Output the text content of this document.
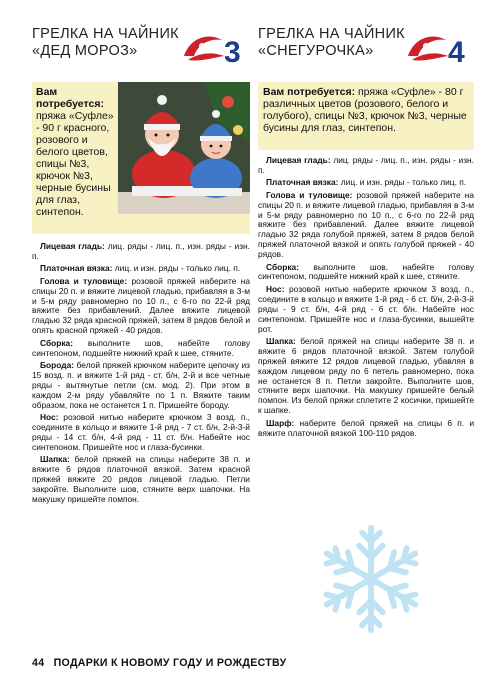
ГРЕЛКА НА ЧАЙНИК
«ДЕД МОРОЗ»	3
Вам потребуется: пряжа «Суфле» - 90 г красного, розового и белого цветов, спицы №3, крючок №3, черные бусины для глаз, синтепон.

Лицевая гладь: лиц. ряды - лиц. п., изн. ряды - изн. п.

Платочная вязка: лиц. и изн. ряды - только лиц. п.

Голова и туловище: розовой пряжей наберите на спицы 20 п. и вяжите лицевой гладью, прибавляя в 3-м и 5-м ряду равномерно по 10 п., с 6-го по 22-й ряд вяжите без прибавлений. Далее вяжите лицевой гладью 32 ряда красной пряжей, затем 8 рядов белой и опять красной пряжей - 40 рядов.

Сборка: выполните шов, набейте голову синтепоном, подшейте нижний край к шее, стяните.

Борода: белой пряжей крючком наберите цепочку из 15 возд. п. и вяжите 1-й ряд - ст. б/н, 2-й и все четные ряды - вытянутые петли (см. мод. 2). При этом в каждом 2-м ряду убавляйте по 1 п. Вяжите таким образом, пока не останется 1 п. Пришейте бороду.

Нос: розовой нитью наберите крючком 3 возд. п., соедините в кольцо и вяжите 1-й ряд - 7 ст. б/н, 2-й-3-й ряды - 14 ст. б/н, 4-й ряд - 11 ст. б/н. Набейте нос синтепоном. Пришейте нос и глаза-бусинки.

Шапка: белой пряжей на спицы наберите 38 п. и вяжите 6 рядов платочной вязкой. Затем красной пряжей вяжите 20 рядов лицевой гладью. Петли закройте. Выполните шов, стяните верх шапочки. На макушку пришейте помпон.

ГРЕЛКА НА ЧАЙНИК
«СНЕГУРОЧКА»	4
Вам потребуется: пряжа «Суфле» - 80 г различных цветов (розового, белого и голубого), спицы №3, крючок №3, черные бусины для глаз, синтепон.

Лицевая гладь: лиц. ряды - лиц. п., изн. ряды - изн. п.

Платочная вязка: лиц. и изн. ряды - только лиц. п.

Голова и туловище: розовой пряжей наберите на спицы 20 п. и вяжите лицевой гладью, прибавляя в 3-м и 5-м ряду равномерно по 10 п., с 6-го по 22-й ряд вяжите без прибавлений. Далее вяжите лицевой гладью 32 ряда голубой пряжей, затем 8 рядов белой пряжей платочной вязкой и опять голубой пряжей - 40 рядов.

Сборка: выполните шов, набейте голову синтепоном, подшейте нижний край к шее, стяните.

Нос: розовой нитью наберите крючком 3 возд. п., соедините в кольцо и вяжите 1-й ряд - 6 ст. б/н, 2-й-3-й ряды - 9 ст. б/н, 4-й ряд - 6 ст. б/н. Набейте нос синтепоном. Пришейте нос и глаза-бусинки, вышейте рот.

Шапка: белой пряжей на спицы наберите 38 п. и вяжите 6 рядов платочной вязкой. Затем голубой пряжей вяжите 12 рядов лицевой гладью, убавляя в каждом лицевом ряду по 6 петель равномерно, пока не останется 8 п. Петли закройте. Выполните шов, стяните верх шапочки. На макушку пришейте белый помпон. Из белой пряжи сплетите 2 косички, пришейте к шапке.

Шарф: наберите белой пряжей на спицы 6 п. и вяжите платочной вязкой 100-110 рядов.

44 ПОДАРКИ К НОВОМУ ГОДУ И РОЖДЕСТВУ
